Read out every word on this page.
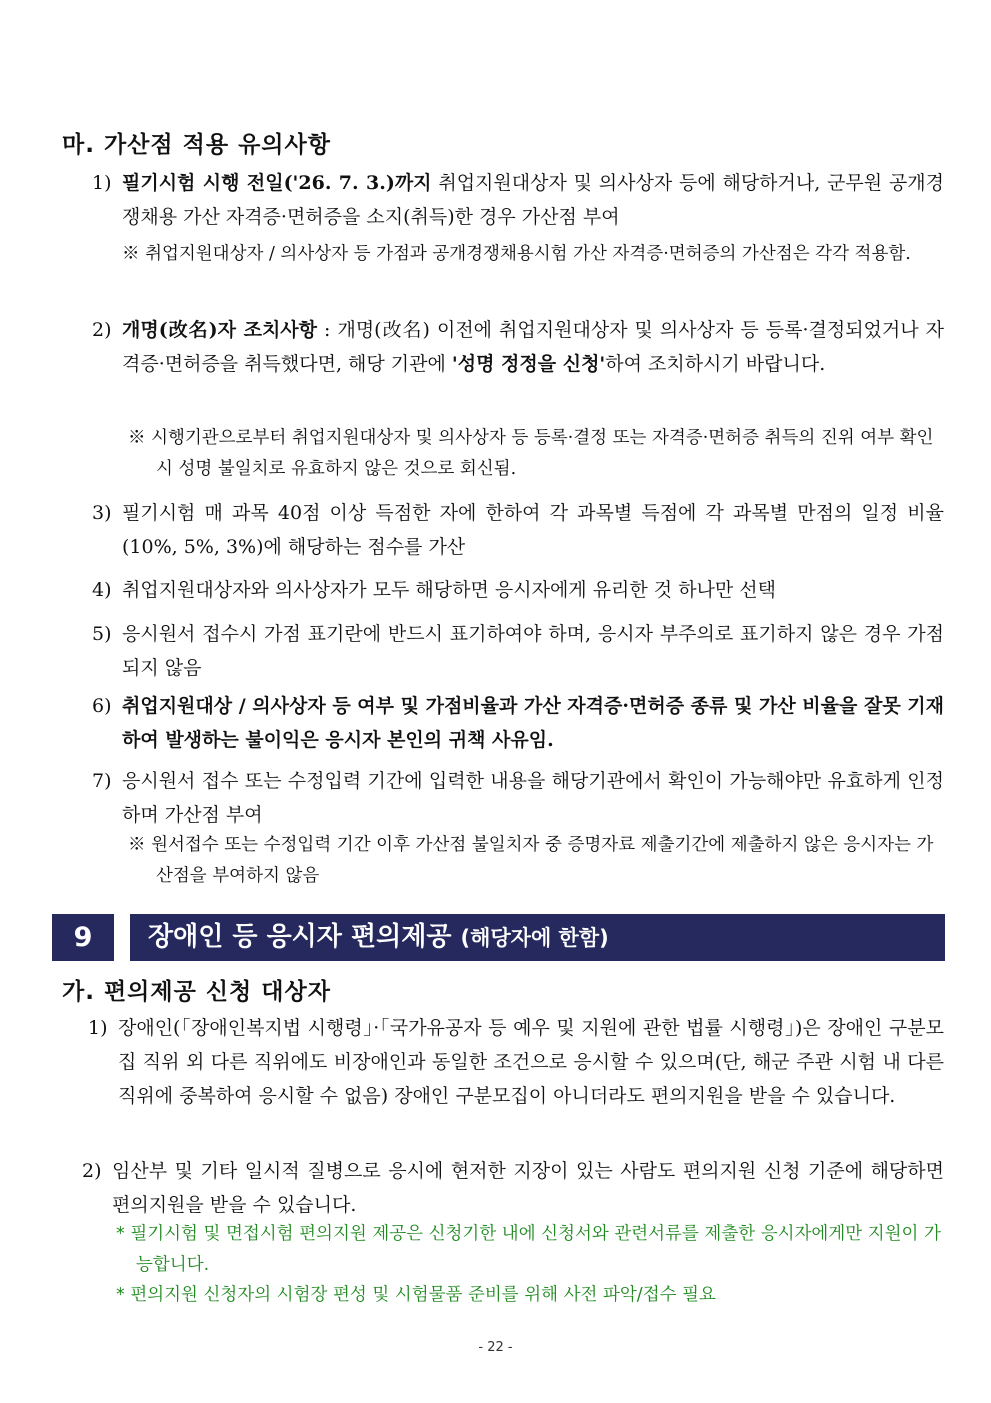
마. 가산점 적용 유의사항
1) 필기시험 시행 전일('26. 7. 3.)까지 취업지원대상자 및 의사상자 등에 해당하거나, 군무원 공개경쟁채용 가산 자격증·면허증을 소지(취득)한 경우 가산점 부여
※ 취업지원대상자 / 의사상자 등 가점과 공개경쟁채용시험 가산 자격증·면허증의 가산점은 각각 적용함.
2) 개명(改名)자 조치사항 : 개명(改名) 이전에 취업지원대상자 및 의사상자 등 등록·결정되었거나 자격증·면허증을 취득했다면, 해당 기관에 '성명 정정을 신청'하여 조치하시기 바랍니다.
※ 시행기관으로부터 취업지원대상자 및 의사상자 등 등록·결정 또는 자격증·면허증 취득의 진위 여부 확인 시 성명 불일치로 유효하지 않은 것으로 회신됨.
3) 필기시험 매 과목 40점 이상 득점한 자에 한하여 각 과목별 득점에 각 과목별 만점의 일정 비율(10%, 5%, 3%)에 해당하는 점수를 가산
4) 취업지원대상자와 의사상자가 모두 해당하면 응시자에게 유리한 것 하나만 선택
5) 응시원서 접수시 가점 표기란에 반드시 표기하여야 하며, 응시자 부주의로 표기하지 않은 경우 가점되지 않음
6) 취업지원대상 / 의사상자 등 여부 및 가점비율과 가산 자격증·면허증 종류 및 가산 비율을 잘못 기재하여 발생하는 불이익은 응시자 본인의 귀책 사유임.
7) 응시원서 접수 또는 수정입력 기간에 입력한 내용을 해당기관에서 확인이 가능해야만 유효하게 인정하며 가산점 부여
※ 원서접수 또는 수정입력 기간 이후 가산점 불일치자 중 증명자료 제출기간에 제출하지 않은 응시자는 가산점을 부여하지 않음
9	장애인 등 응시자 편의제공 (해당자에 한함)
가. 편의제공 신청 대상자
1) 장애인(「장애인복지법 시행령」·「국가유공자 등 예우 및 지원에 관한 법률 시행령」)은 장애인 구분모집 직위 외 다른 직위에도 비장애인과 동일한 조건으로 응시할 수 있으며(단, 해군 주관 시험 내 다른 직위에 중복하여 응시할 수 없음) 장애인 구분모집이 아니더라도 편의지원을 받을 수 있습니다.
2) 임산부 및 기타 일시적 질병으로 응시에 현저한 지장이 있는 사람도 편의지원 신청 기준에 해당하면 편의지원을 받을 수 있습니다.
* 필기시험 및 면접시험 편의지원 제공은 신청기한 내에 신청서와 관련서류를 제출한 응시자에게만 지원이 가능합니다.
* 편의지원 신청자의 시험장 편성 및 시험물품 준비를 위해 사전 파악/접수 필요
- 22 -
